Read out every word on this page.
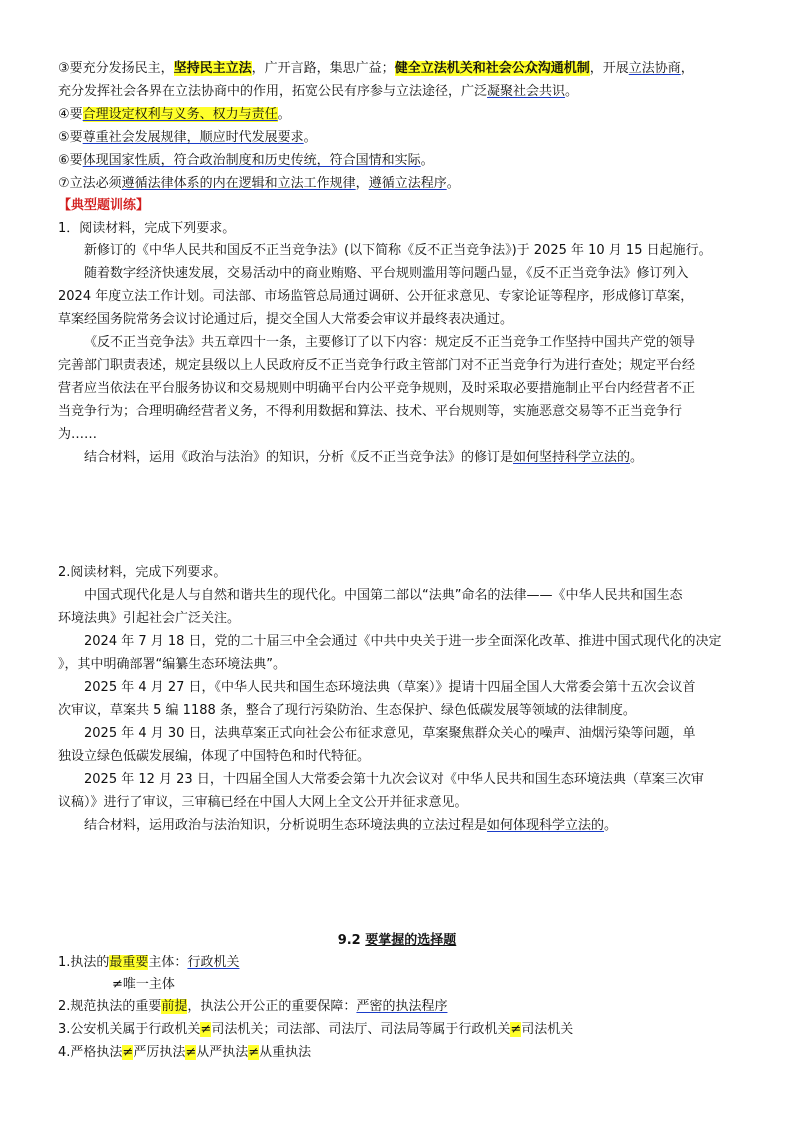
③要充分发扬民主，坚持民主立法，广开言路，集思广益；健全立法机关和社会公众沟通机制，开展立法协商，
充分发挥社会各界在立法协商中的作用，拓宽公民有序参与立法途径，广泛凝聚社会共识。
④要合理设定权利与义务、权力与责任。
⑤要尊重社会发展规律，顺应时代发展要求。
⑥要体现国家性质，符合政治制度和历史传统，符合国情和实际。
⑦立法必须遵循法律体系的内在逻辑和立法工作规律，遵循立法程序。
【典型题训练】
1．阅读材料，完成下列要求。
新修订的《中华人民共和国反不正当竞争法》(以下简称《反不正当竞争法》)于 2025 年 10 月 15 日起施行。
随着数字经济快速发展，交易活动中的商业贿赂、平台规则滥用等问题凸显，《反不正当竞争法》修订列入
2024 年度立法工作计划。司法部、市场监管总局通过调研、公开征求意见、专家论证等程序，形成修订草案，
草案经国务院常务会议讨论通过后，提交全国人大常委会审议并最终表决通过。
《反不正当竞争法》共五章四十一条，主要修订了以下内容：规定反不正当竞争工作坚持中国共产党的领导
完善部门职责表述，规定县级以上人民政府反不正当竞争行政主管部门对不正当竞争行为进行查处；规定平台经
营者应当依法在平台服务协议和交易规则中明确平台内公平竞争规则，及时采取必要措施制止平台内经营者不正
当竞争行为；合理明确经营者义务，不得利用数据和算法、技术、平台规则等，实施恶意交易等不正当竞争行
为……
结合材料，运用《政治与法治》的知识，分析《反不正当竞争法》的修订是如何坚持科学立法的。
2.阅读材料，完成下列要求。
中国式现代化是人与自然和谐共生的现代化。中国第二部以“法典”命名的法律——《中华人民共和国生态
环境法典》引起社会广泛关注。
2024 年 7 月 18 日，党的二十届三中全会通过《中共中央关于进一步全面深化改革、推进中国式现代化的决定
》，其中明确部署“编纂生态环境法典”。
2025 年 4 月 27 日，《中华人民共和国生态环境法典（草案）》提请十四届全国人大常委会第十五次会议首
次审议，草案共 5 编 1188 条，整合了现行污染防治、生态保护、绿色低碳发展等领域的法律制度。
2025 年 4 月 30 日，法典草案正式向社会公布征求意见，草案聚焦群众关心的噪声、油烟污染等问题，单
独设立绿色低碳发展编，体现了中国特色和时代特征。
2025 年 12 月 23 日，十四届全国人大常委会第十九次会议对《中华人民共和国生态环境法典（草案三次审
议稿）》进行了审议，三审稿已经在中国人大网上全文公开并征求意见。
结合材料，运用政治与法治知识，分析说明生态环境法典的立法过程是如何体现科学立法的。
9.2 要掌握的选择题
1.执法的最重要主体：行政机关
≠唯一主体
2.规范执法的重要前提，执法公开公正的重要保障：严密的执法程序
3.公安机关属于行政机关≠司法机关；司法部、司法厅、司法局等属于行政机关≠司法机关
4.严格执法≠严厉执法≠从严执法≠从重执法
